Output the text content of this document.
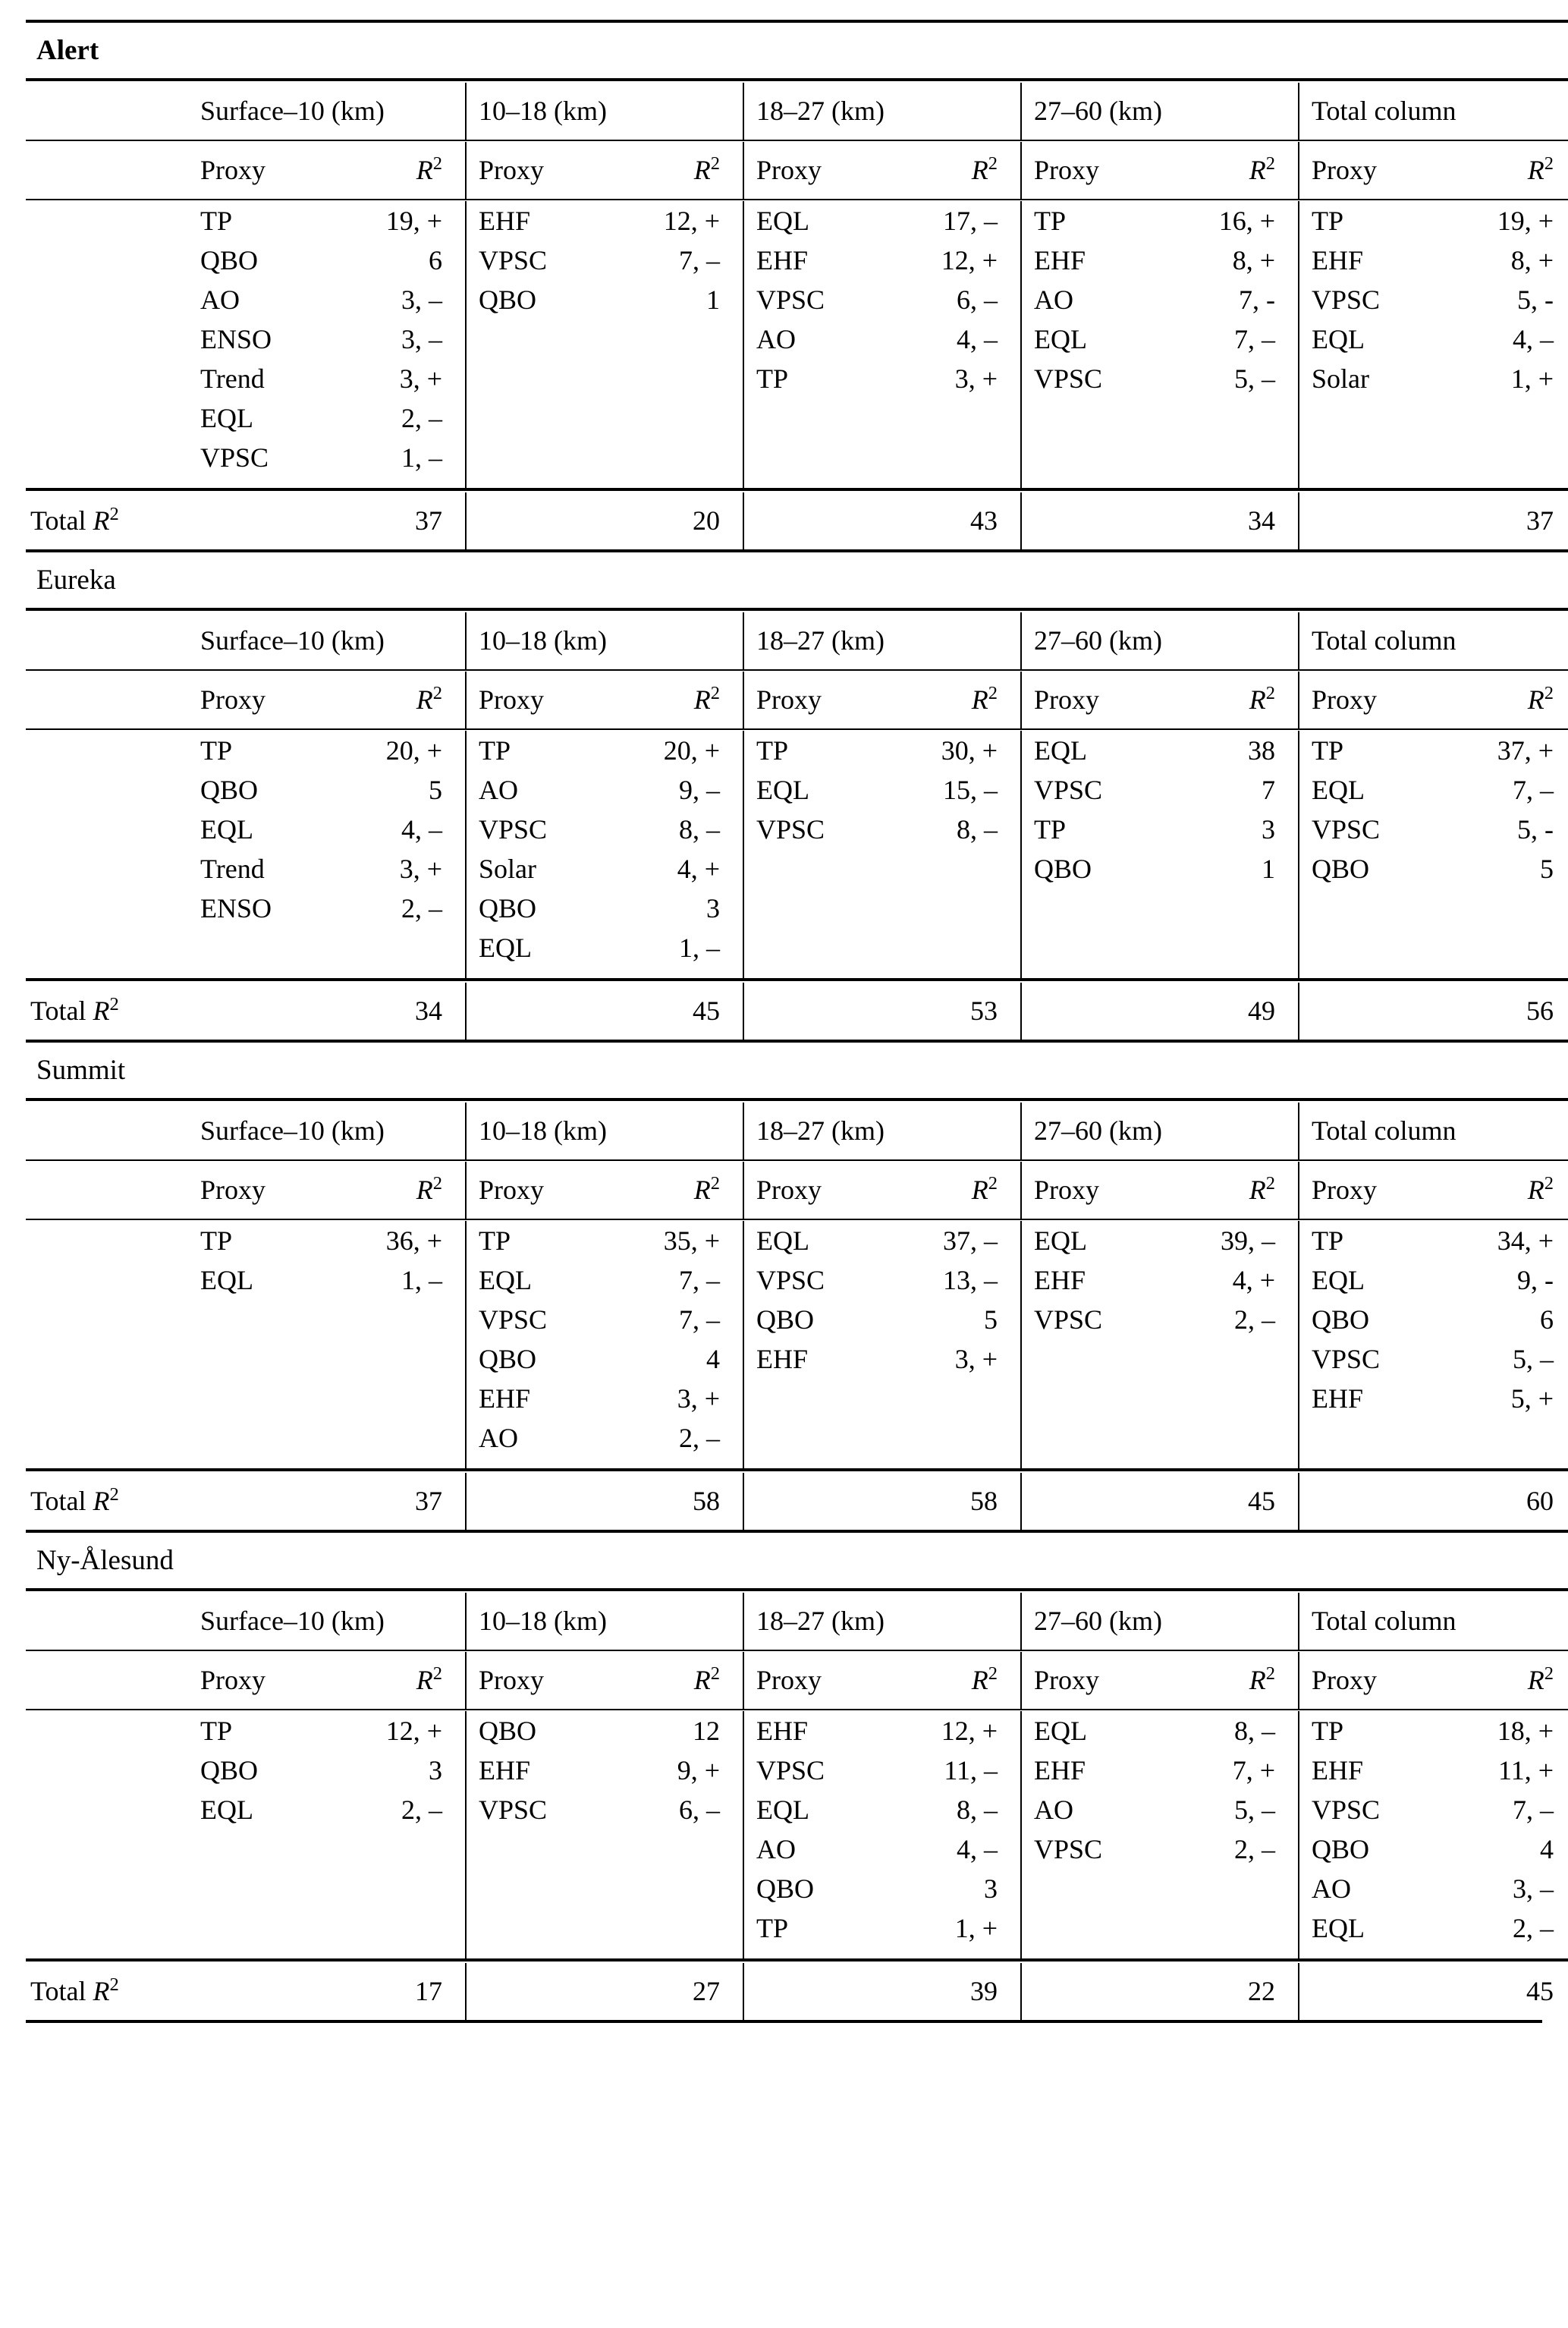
Alert										

	Surface–10 (km)		10–18 (km)		18–27 (km)		27–60 (km)		Total column	

	Proxy	$R^2$	Proxy	$R^2$	Proxy	$R^2$	Proxy	$R^2$	Proxy	$R^2$

	TP	19, +	EHF	12, +	EQL	17, –	TP	16, +	TP	19, +
	QBO	6	VPSC	7, –	EHF	12, +	EHF	8, +	EHF	8, +
	AO	3, –	QBO	1	VPSC	6, –	AO	7, -	VPSC	5, -
	ENSO	3, –			AO	4, –	EQL	7, –	EQL	4, –
	Trend	3, +			TP	3, +	VPSC	5, –	Solar	1, +
	EQL	2, –								
	VPSC	1, –								

Total $R^2$	37		20		43		34		37	

Eureka										

	Surface–10 (km)		10–18 (km)		18–27 (km)		27–60 (km)		Total column	

	Proxy	$R^2$	Proxy	$R^2$	Proxy	$R^2$	Proxy	$R^2$	Proxy	$R^2$

	TP	20, +	TP	20, +	TP	30, +	EQL	38	TP	37, +
	QBO	5	AO	9, –	EQL	15, –	VPSC	7	EQL	7, –
	EQL	4, –	VPSC	8, –	VPSC	8, –	TP	3	VPSC	5, -
	Trend	3, +	Solar	4, +			QBO	1	QBO	5
	ENSO	2, –	QBO	3						
			EQL	1, –						

Total $R^2$	34		45		53		49		56	

Summit										

	Surface–10 (km)		10–18 (km)		18–27 (km)		27–60 (km)		Total column	

	Proxy	$R^2$	Proxy	$R^2$	Proxy	$R^2$	Proxy	$R^2$	Proxy	$R^2$

	TP	36, +	TP	35, +	EQL	37, –	EQL	39, –	TP	34, +
	EQL	1, –	EQL	7, –	VPSC	13, –	EHF	4, +	EQL	9, -
			VPSC	7, –	QBO	5	VPSC	2, –	QBO	6
			QBO	4	EHF	3, +			VPSC	5, –
			EHF	3, +					EHF	5, +
			AO	2, –						

Total $R^2$	37		58		58		45		60	

Ny-Ålesund										

	Surface–10 (km)		10–18 (km)		18–27 (km)		27–60 (km)		Total column	

	Proxy	$R^2$	Proxy	$R^2$	Proxy	$R^2$	Proxy	$R^2$	Proxy	$R^2$

	TP	12, +	QBO	12	EHF	12, +	EQL	8, –	TP	18, +
	QBO	3	EHF	9, +	VPSC	11, –	EHF	7, +	EHF	11, +
	EQL	2, –	VPSC	6, –	EQL	8, –	AO	5, –	VPSC	7, –
					AO	4, –	VPSC	2, –	QBO	4
					QBO	3			AO	3, –
					TP	1, +			EQL	2, –

Total $R^2$	17		27		39		22		45	
